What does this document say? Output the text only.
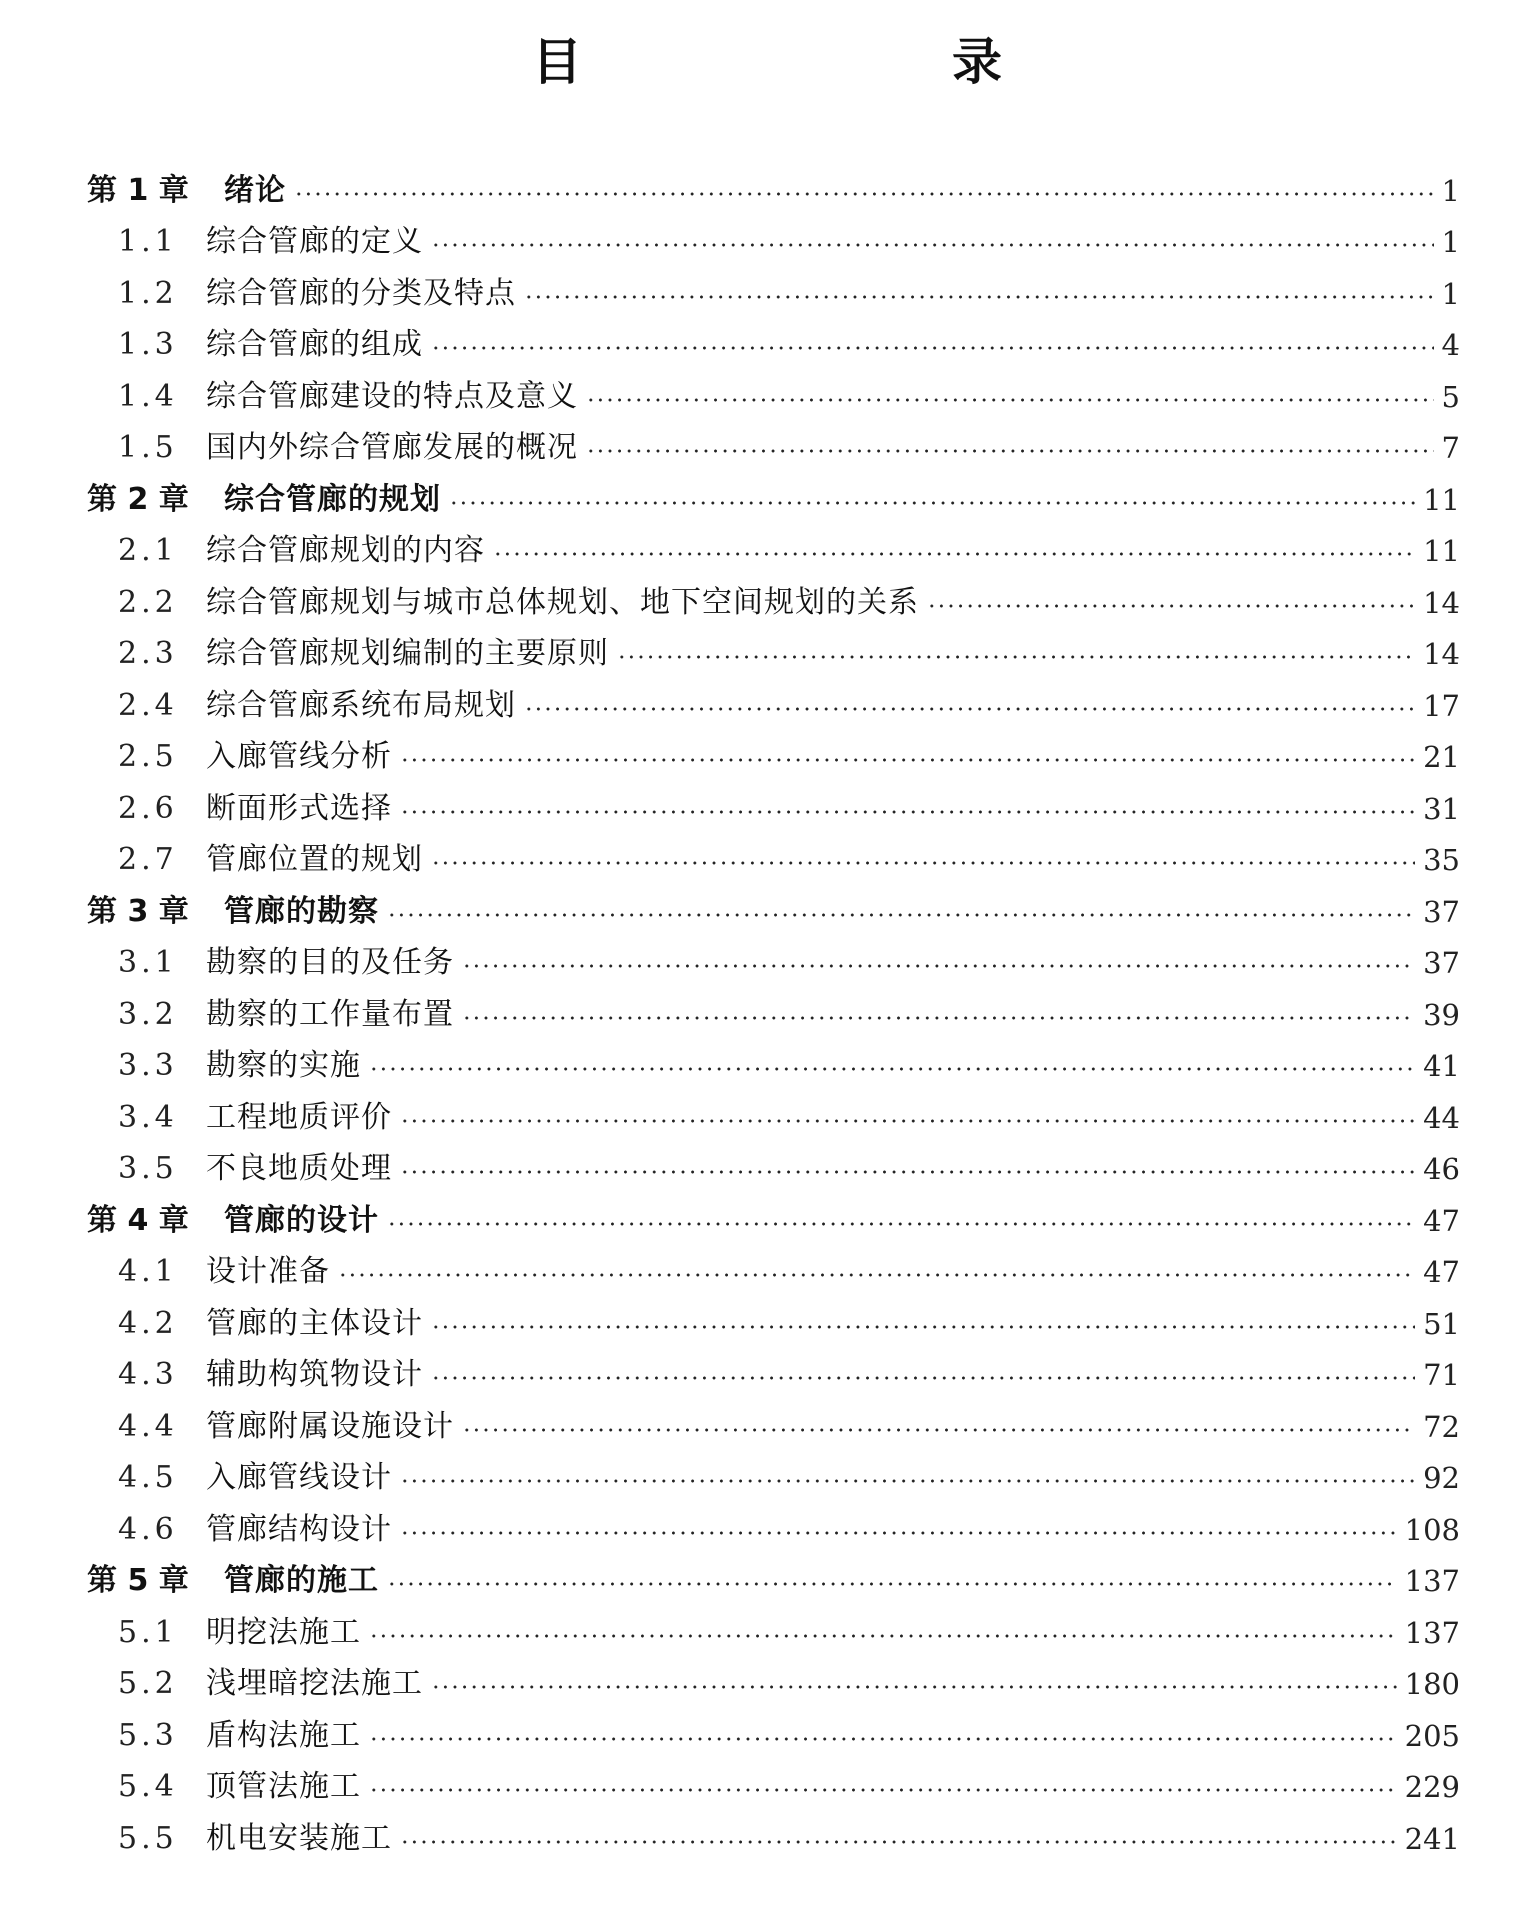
目　录
第 1 章	绪论	1
1.1 综合管廊的定义	1
1.2 综合管廊的分类及特点	1
1.3 综合管廊的组成	4
1.4 综合管廊建设的特点及意义	5
1.5 国内外综合管廊发展的概况	7
第 2 章	综合管廊的规划	11
2.1 综合管廊规划的内容	11
2.2 综合管廊规划与城市总体规划、地下空间规划的关系	14
2.3 综合管廊规划编制的主要原则	14
2.4 综合管廊系统布局规划	17
2.5 入廊管线分析	21
2.6 断面形式选择	31
2.7 管廊位置的规划	35
第 3 章	管廊的勘察	37
3.1 勘察的目的及任务	37
3.2 勘察的工作量布置	39
3.3 勘察的实施	41
3.4 工程地质评价	44
3.5 不良地质处理	46
第 4 章	管廊的设计	47
4.1 设计准备	47
4.2 管廊的主体设计	51
4.3 辅助构筑物设计	71
4.4 管廊附属设施设计	72
4.5 入廊管线设计	92
4.6 管廊结构设计	108
第 5 章	管廊的施工	137
5.1 明挖法施工	137
5.2 浅埋暗挖法施工	180
5.3 盾构法施工	205
5.4 顶管法施工	229
5.5 机电安装施工	241
